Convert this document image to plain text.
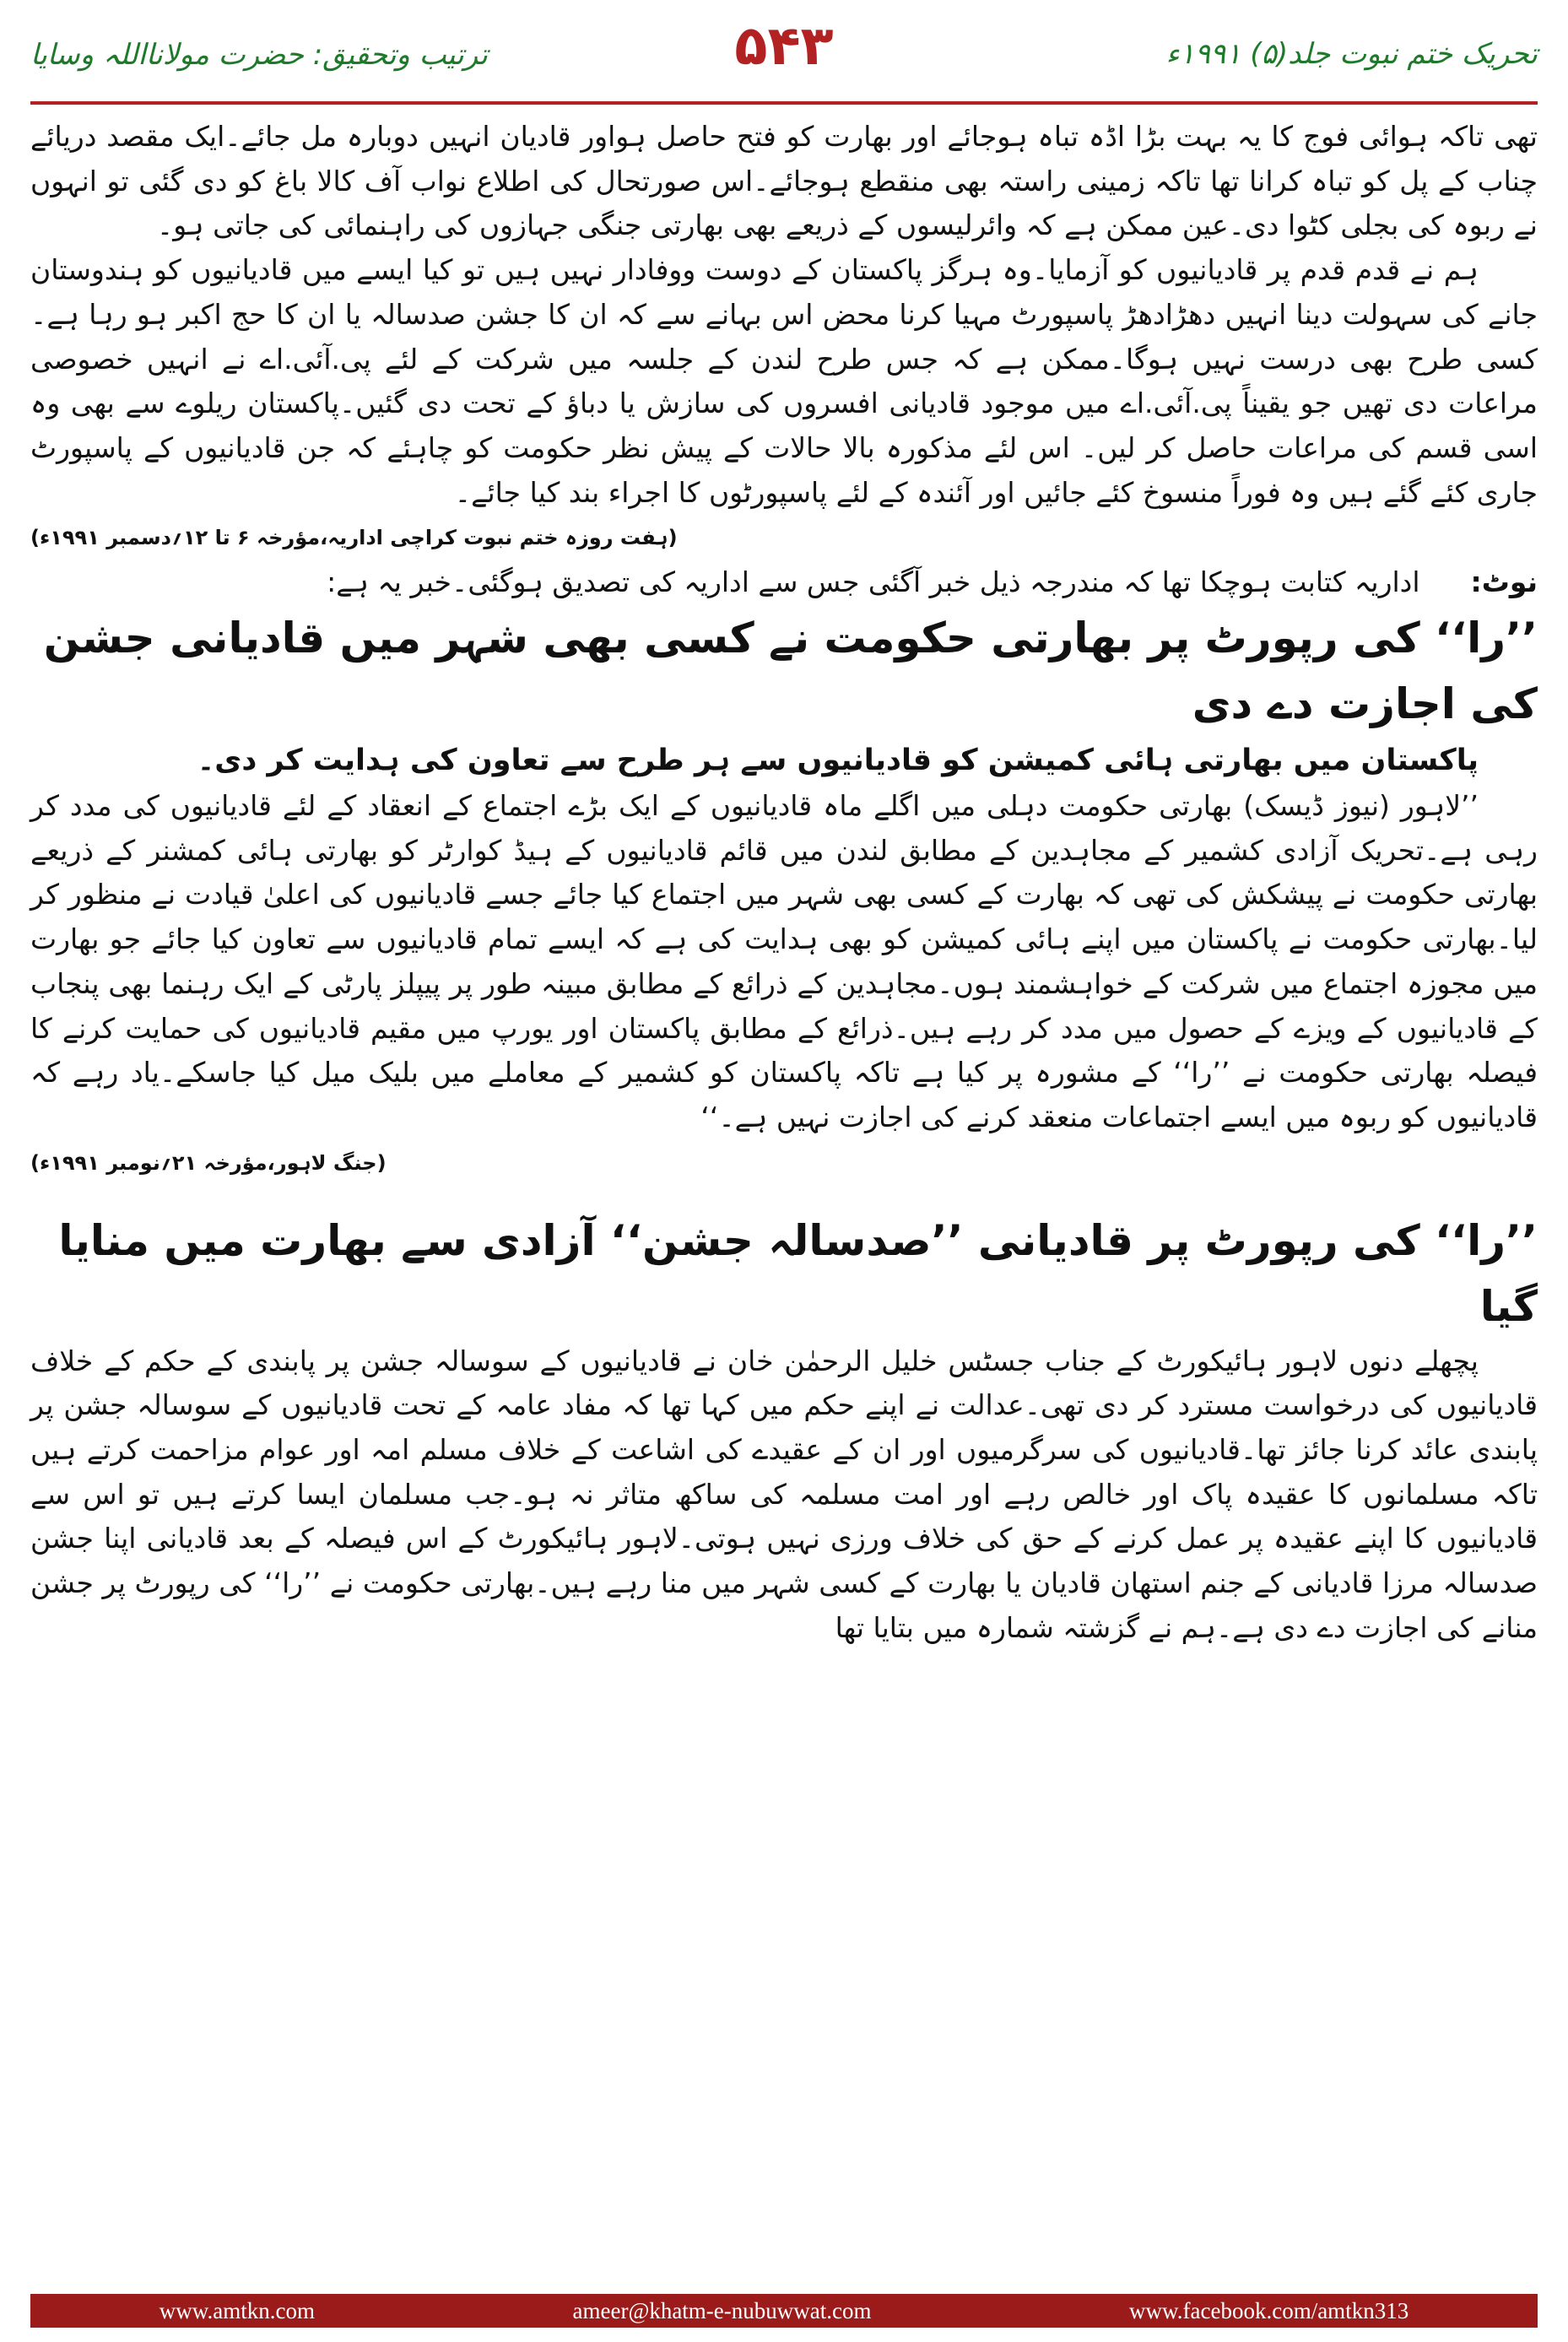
تحریک ختم نبوت جلد(۵) ۱۹۹۱ء
۵۴۳
ترتیب وتحقیق: حضرت مولانااللہ وسایا

تھی تاکہ ہوائی فوج کا یہ بہت بڑا اڈہ تباہ ہوجائے اور بھارت کو فتح حاصل ہواور قادیان انہیں دوبارہ مل جائے۔ایک مقصد دریائے چناب کے پل کو تباہ کرانا تھا تاکہ زمینی راستہ بھی منقطع ہوجائے۔اس صورتحال کی اطلاع نواب آف کالا باغ کو دی گئی تو انہوں نے ربوہ کی بجلی کٹوا دی۔عین ممکن ہے کہ وائرلیسوں کے ذریعے بھی بھارتی جنگی جہازوں کی راہنمائی کی جاتی ہو۔

ہم نے قدم قدم پر قادیانیوں کو آزمایا۔وہ ہرگز پاکستان کے دوست ووفادار نہیں ہیں تو کیا ایسے میں قادیانیوں کو ہندوستان جانے کی سہولت دینا انہیں دھڑادھڑ پاسپورٹ مہیا کرنا محض اس بہانے سے کہ ان کا جشن صدسالہ یا ان کا حج اکبر ہو رہا ہے۔کسی طرح بھی درست نہیں ہوگا۔ممکن ہے کہ جس طرح لندن کے جلسہ میں شرکت کے لئے پی.آئی.اے نے انہیں خصوصی مراعات دی تھیں جو یقیناً پی.آئی.اے میں موجود قادیانی افسروں کی سازش یا دباؤ کے تحت دی گئیں۔پاکستان ریلوے سے بھی وہ اسی قسم کی مراعات حاصل کر لیں۔ اس لئے مذکورہ بالا حالات کے پیش نظر حکومت کو چاہئے کہ جن قادیانیوں کے پاسپورٹ جاری کئے گئے ہیں وہ فوراً منسوخ کئے جائیں اور آئندہ کے لئے پاسپورٹوں کا اجراء بند کیا جائے۔

(ہفت روزہ ختم نبوت کراچی اداریہ،مؤرخہ ۶ تا ۱۲؍دسمبر ۱۹۹۱ء)

نوٹ:
اداریہ کتابت ہوچکا تھا کہ مندرجہ ذیل خبر آگئی جس سے اداریہ کی تصدیق ہوگئی۔خبر یہ ہے:

’’را‘‘ کی رپورٹ پر بھارتی حکومت نے کسی بھی شہر میں قادیانی جشن کی اجازت دے دی

پاکستان میں بھارتی ہائی کمیشن کو قادیانیوں سے ہر طرح سے تعاون کی ہدایت کر دی۔

’’لاہور (نیوز ڈیسک) بھارتی حکومت دہلی میں اگلے ماہ قادیانیوں کے ایک بڑے اجتماع کے انعقاد کے لئے قادیانیوں کی مدد کر رہی ہے۔تحریک آزادی کشمیر کے مجاہدین کے مطابق لندن میں قائم قادیانیوں کے ہیڈ کوارٹر کو بھارتی ہائی کمشنر کے ذریعے بھارتی حکومت نے پیشکش کی تھی کہ بھارت کے کسی بھی شہر میں اجتماع کیا جائے جسے قادیانیوں کی اعلیٰ قیادت نے منظور کر لیا۔بھارتی حکومت نے پاکستان میں اپنے ہائی کمیشن کو بھی ہدایت کی ہے کہ ایسے تمام قادیانیوں سے تعاون کیا جائے جو بھارت میں مجوزہ اجتماع میں شرکت کے خواہشمند ہوں۔مجاہدین کے ذرائع کے مطابق مبینہ طور پر پیپلز پارٹی کے ایک رہنما بھی پنجاب کے قادیانیوں کے ویزے کے حصول میں مدد کر رہے ہیں۔ذرائع کے مطابق پاکستان اور یورپ میں مقیم قادیانیوں کی حمایت کرنے کا فیصلہ بھارتی حکومت نے ’’را‘‘ کے مشورہ پر کیا ہے تاکہ پاکستان کو کشمیر کے معاملے میں بلیک میل کیا جاسکے۔یاد رہے کہ قادیانیوں کو ربوہ میں ایسے اجتماعات منعقد کرنے کی اجازت نہیں ہے۔‘‘

(جنگ لاہور،مؤرخہ ۲۱؍نومبر ۱۹۹۱ء)
’’را‘‘ کی رپورٹ پر قادیانی ’’صدسالہ جشن‘‘ آزادی سے بھارت میں منایا گیا

پچھلے دنوں لاہور ہائیکورٹ کے جناب جسٹس خلیل الرحمٰن خان نے قادیانیوں کے سوسالہ جشن پر پابندی کے حکم کے خلاف قادیانیوں کی درخواست مسترد کر دی تھی۔عدالت نے اپنے حکم میں کہا تھا کہ مفاد عامہ کے تحت قادیانیوں کے سوسالہ جشن پر پابندی عائد کرنا جائز تھا۔قادیانیوں کی سرگرمیوں اور ان کے عقیدے کی اشاعت کے خلاف مسلم امہ اور عوام مزاحمت کرتے ہیں تاکہ مسلمانوں کا عقیدہ پاک اور خالص رہے اور امت مسلمہ کی ساکھ متاثر نہ ہو۔جب مسلمان ایسا کرتے ہیں تو اس سے قادیانیوں کا اپنے عقیدہ پر عمل کرنے کے حق کی خلاف ورزی نہیں ہوتی۔لاہور ہائیکورٹ کے اس فیصلہ کے بعد قادیانی اپنا جشن صدسالہ مرزا قادیانی کے جنم استھان قادیان یا بھارت کے کسی شہر میں منا رہے ہیں۔بھارتی حکومت نے ’’را‘‘ کی رپورٹ پر جشن منانے کی اجازت دے دی ہے۔ہم نے گزشتہ شمارہ میں بتایا تھا

www.amtkn.com	ameer@khatm-e-nubuwwat.com	www.facebook.com/amtkn313
